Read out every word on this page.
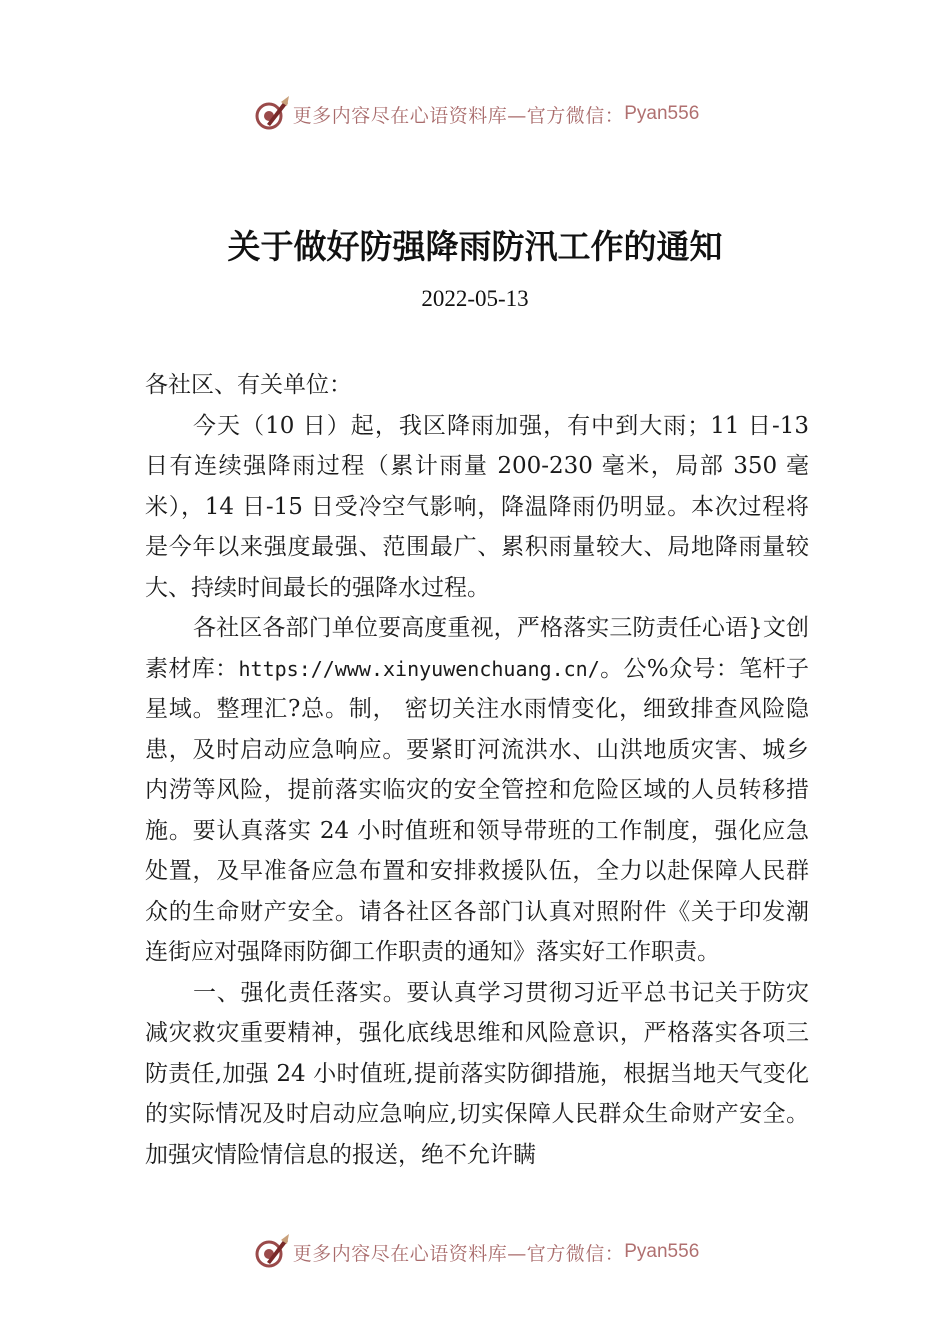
更多内容尽在心语资料库—官方微信： Pyan556
关于做好防强降雨防汛工作的通知
2022-05-13

各社区、有关单位：

今天（10 日）起，我区降雨加强，有中到大雨；11 日-13 日有连续强降雨过程（累计雨量 200-230 毫米，局部 350 毫米），14 日-15 日受冷空气影响，降温降雨仍明显。本次过程将是今年以来强度最强、范围最广、累积雨量较大、局地降雨量较大、持续时间最长的强降水过程。

各社区各部门单位要高度重视，严格落实三防责任心语}文创素材库：https://www.xinyuwenchuang.cn/。公%众号：笔杆子星域。整理汇?总。制， 密切关注水雨情变化，细致排查风险隐患，及时启动应急响应。要紧盯河流洪水、山洪地质灾害、城乡内涝等风险，提前落实临灾的安全管控和危险区域的人员转移措施。要认真落实 24 小时值班和领导带班的工作制度，强化应急处置，及早准备应急布置和安排救援队伍，全力以赴保障人民群众的生命财产安全。请各社区各部门认真对照附件《关于印发潮连街应对强降雨防御工作职责的通知》落实好工作职责。

一、强化责任落实。要认真学习贯彻习近平总书记关于防灾减灾救灾重要精神，强化底线思维和风险意识，严格落实各项三防责任,加强 24 小时值班,提前落实防御措施，根据当地天气变化的实际情况及时启动应急响应,切实保障人民群众生命财产安全。加强灾情险情信息的报送，绝不允许瞒

更多内容尽在心语资料库—官方微信： Pyan556
